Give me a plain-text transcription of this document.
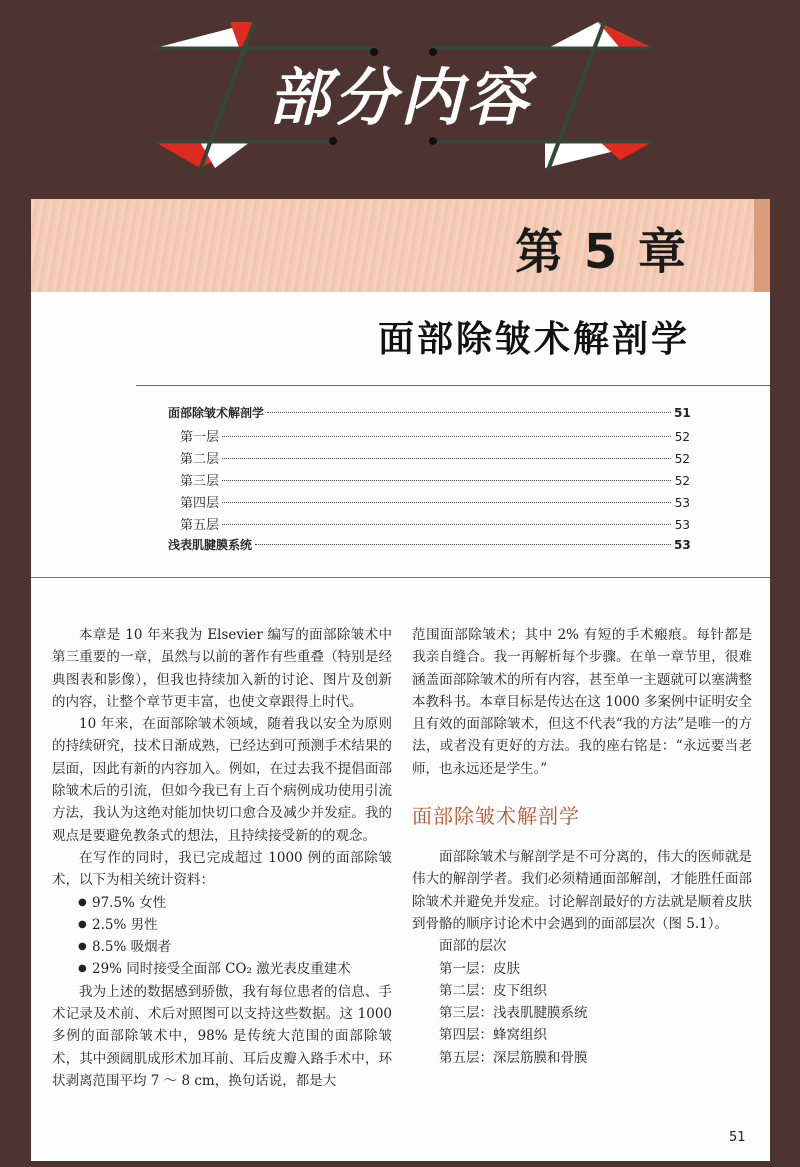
部分内容
第 5 章
面部除皱术解剖学
面部除皱术解剖学	51
第一层	52
第二层	52
第三层	52
第四层	53
第五层	53
浅表肌腱膜系统	53

本章是 10 年来我为 Elsevier 编写的面部除皱术中第三重要的一章，虽然与以前的著作有些重叠（特别是经典图表和影像），但我也持续加入新的讨论、图片及创新的内容，让整个章节更丰富，也使文章跟得上时代。

10 年来，在面部除皱术领域，随着我以安全为原则的持续研究，技术日渐成熟，已经达到可预测手术结果的层面，因此有新的内容加入。例如，在过去我不提倡面部除皱术后的引流，但如今我已有上百个病例成功使用引流方法，我认为这绝对能加快切口愈合及减少并发症。我的观点是要避免教条式的想法，且持续接受新的的观念。

在写作的同时，我已完成超过 1000 例的面部除皱术，以下为相关统计资料：

● 97.5% 女性
● 2.5% 男性
● 8.5% 吸烟者
● 29% 同时接受全面部 CO₂ 激光表皮重建术

我为上述的数据感到骄傲，我有每位患者的信息、手术记录及术前、术后对照图可以支持这些数据。这 1000 多例的面部除皱术中，98% 是传统大范围的面部除皱术，其中颈阔肌成形术加耳前、耳后皮瓣入路手术中，环状剥离范围平均 7 ～ 8 cm，换句话说，都是大

范围面部除皱术；其中 2% 有短的手术瘢痕。每针都是我亲自缝合。我一再解析每个步骤。在单一章节里，很难涵盖面部除皱术的所有内容，甚至单一主题就可以塞满整本教科书。本章目标是传达在这 1000 多案例中证明安全且有效的面部除皱术，但这不代表“我的方法”是唯一的方法，或者没有更好的方法。我的座右铭是：“永远要当老师，也永远还是学生。”

面部除皱术解剖学

面部除皱术与解剖学是不可分离的，伟大的医师就是伟大的解剖学者。我们必须精通面部解剖，才能胜任面部除皱术并避免并发症。讨论解剖最好的方法就是顺着皮肤到骨骼的顺序讨论术中会遇到的面部层次（图 5.1）。

面部的层次
第一层：皮肤
第二层：皮下组织
第三层：浅表肌腱膜系统
第四层：蜂窝组织
第五层：深层筋膜和骨膜
51
